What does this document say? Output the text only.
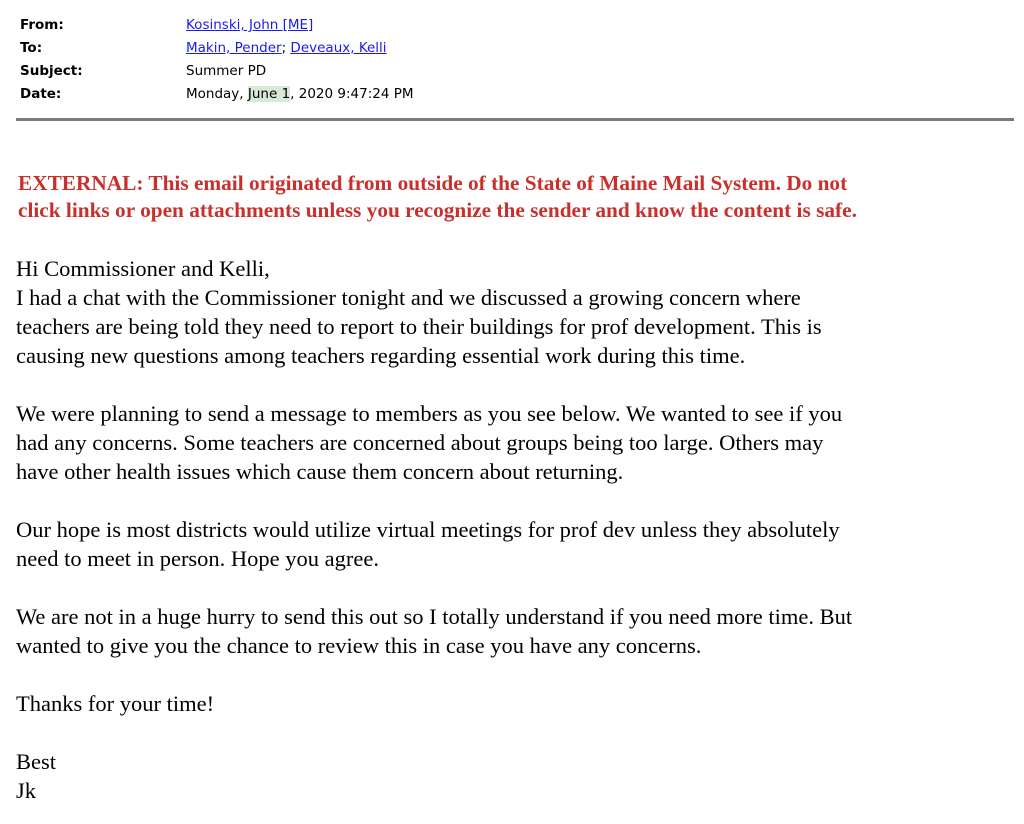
From:	Kosinski, John [ME]
To:	Makin, Pender; Deveaux, Kelli
Subject:	Summer PD
Date:	Monday, June 1, 2020 9:47:24 PM
EXTERNAL: This email originated from outside of the State of Maine Mail System. Do not
click links or open attachments unless you recognize the sender and know the content is safe.

Hi Commissioner and Kelli,

I had a chat with the Commissioner tonight and we discussed a growing concern where

teachers are being told they need to report to their buildings for prof development. This is

causing new questions among teachers regarding essential work during this time.

We were planning to send a message to members as you see below. We wanted to see if you

had any concerns. Some teachers are concerned about groups being too large. Others may

have other health issues which cause them concern about returning.

Our hope is most districts would utilize virtual meetings for prof dev unless they absolutely

need to meet in person. Hope you agree.

We are not in a huge hurry to send this out so I totally understand if you need more time. But

wanted to give you the chance to review this in case you have any concerns.

Thanks for your time!

Best

Jk
